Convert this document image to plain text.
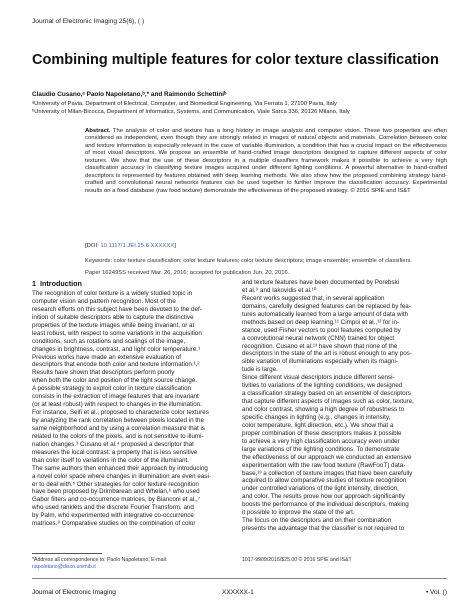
Journal of Electronic Imaging 25(6), ( )
Combining multiple features for color texture classification
Claudio Cusano,ᵃ Paolo Napoletano,ᵇ,* and Raimondo Schettiniᵇ
ᵃUniversity of Pavia, Department of Electrical, Computer, and Biomedical Engineering, Via Ferrata 1, 27100 Pavia, Italy
ᵇUniversity of Milan-Bicocca, Department of Informatics, Systems, and Communication, Viale Sarca 336, 20126 Milano, Italy
Abstract. The analysis of color and texture has a long history in image analysis and computer vision. These two properties are often considered as independent, even though they are strongly related in images of natural objects and materials. Correlation between color and texture information is especially relevant in the case of variable illumination, a condition that has a crucial impact on the effectiveness of most visual descriptors. We propose an ensemble of hand-crafted image descriptors designed to capture different aspects of color textures. We show that the use of these descriptors in a multiple classifiers framework makes it possible to achieve a very high classification accuracy in classifying texture images acquired under different lighting conditions. A powerful alternative to hand-crafted descriptors is represented by features obtained with deep learning methods. We also show how the proposed combining strategy hand-crafted and convolutional neural networks features can be used together to further improve the classification accuracy. Experimental results on a food database (raw food texture) demonstrate the effectiveness of the proposed strategy. © 2016 SPIE and IS&T
[DOI: 10.1117/1.JEI.25.6.XXXXXX]
Keywords: color texture classification; color texture features; color texture descriptors; image ensemble; ensemble of classifiers.
Paper 16249SS received Mar. 26, 2016; accepted for publication Jun. 20, 2016.
1 Introduction
The recognition of color texture is a widely studied topic in
computer vision and pattern recognition. Most of the
research efforts on this subject have been devoted to the def-
inition of suitable descriptors able to capture the distinctive
properties of the texture images while being invariant, or at
least robust, with respect to some variations in the acquisition
conditions, such as rotations and scalings of the image,
changes in brightness, contrast, and light color temperature.¹
Previous works have made an extensive evaluation of
descriptors that encode both color and texture information.¹,²
Results have shown that descriptors perform poorly
when both the color and position of the light source change.
A possible strategy to exploit color in texture classification
consists in the extraction of image features that are invariant
(or at least robust) with respect to changes in the illumination.
For instance, Seifi et al., proposed to characterize color textures
by analyzing the rank correlation between pixels located in the
same neighborhood and by using a correlation measure that is
related to the colors of the pixels, and is not sensitive to illumi-
nation changes.³ Cusano et al.⁴ proposed a descriptor that
measures the local contrast: a property that is less sensitive
than color itself to variations in the color of the illuminant.
The same authors then enhanced their approach by introducing
a novel color space where changes in illumination are even easi-
er to deal with.⁵ Other strategies for color texture recognition
have been proposed by Drimbarean and Whelan,⁶ who used
Gabor filters and co-occurrence matrices, by Bianconi et al.,⁷
who used ranklets and the discrete Fourier Transform, and
by Palm, who experimented with integrative co-occurrence
matrices.⁸ Comparative studies on the combination of color
and texture features have been documented by Porebski
et al.⁹ and Iakovidis et al.¹⁰
Recent works suggested that, in several application
domains, carefully designed features can be replaced by fea-
tures automatically learned from a large amount of data with
methods based on deep learning.¹¹ Cimpoi et al.,¹² for in-
stance, used Fisher vectors to pool features computed by
a convolutional neural network (CNN) trained for object
recognition. Cusano et al.¹³ have shown that none of the
descriptors in the state of the art is robust enough to any pos-
sible variation of illuminations especially when its magni-
tude is large.
Since different visual descriptors induce different sensi-
tivities to variations of the lighting conditions, we designed
a classification strategy based on an ensemble of descriptors
that capture different aspects of images such as color, texture,
and color contrast, showing a high degree of robustness to
specific changes in lighting (e.g., changes in intensity,
color temperature, light direction, etc.). We show that a
proper combination of these descriptors makes it possible
to achieve a very high classification accuracy even under
large variations of the lighting conditions. To demonstrate
the effectiveness of our approach we conducted an extensive
experimentation with the raw food texture (RawFooT) data-
base,¹³ a collection of texture images that have been carefully
acquired to allow comparative studies of texture recognition
under controlled variations of the light intensity, direction,
and color. The results prove how our approach significantly
boosts the performance of the individual descriptors, making
it possible to improve the state of the art.
The focus on the descriptors and on their combination
presents the advantage that the classifier is not required to
*Address all correspondence to: Paolo Napoletano, E-mail: napoletano@disco.unimib.it
1017-9909/2016/$25.00 © 2016 SPIE and IS&T
Journal of Electronic Imaging	XXXXXX-1	• Vol. ()
